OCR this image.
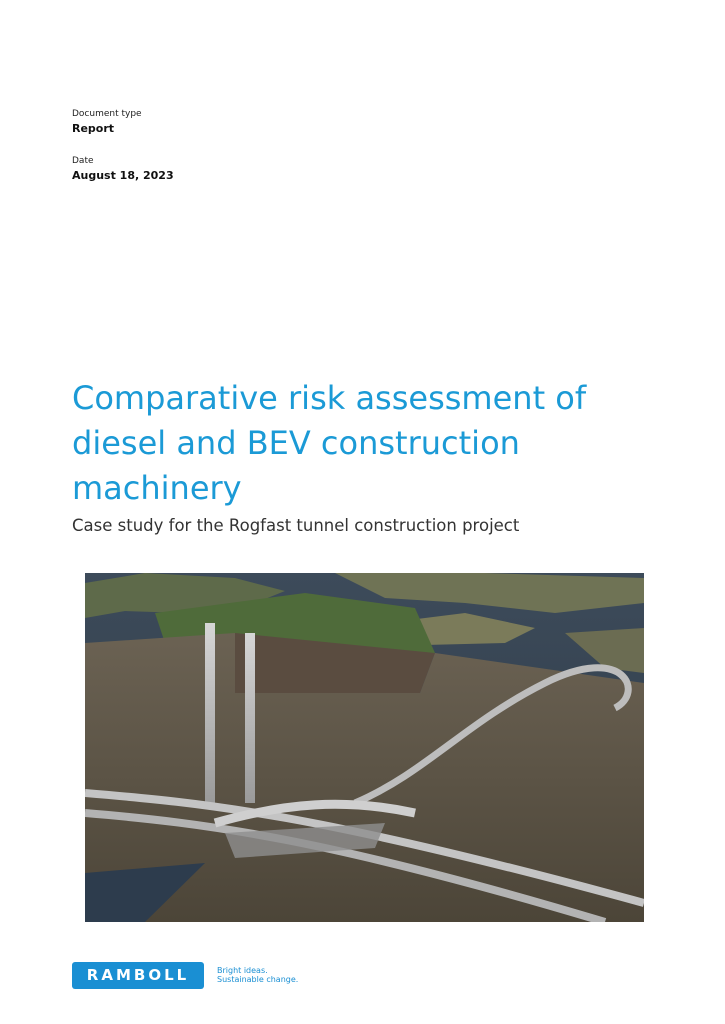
Document type
Report
Date
August 18, 2023
Comparative risk assessment of
diesel and BEV construction
machinery

Case study for the Rogfast tunnel construction project

RAMBOLL	Bright ideas.
Sustainable change.
